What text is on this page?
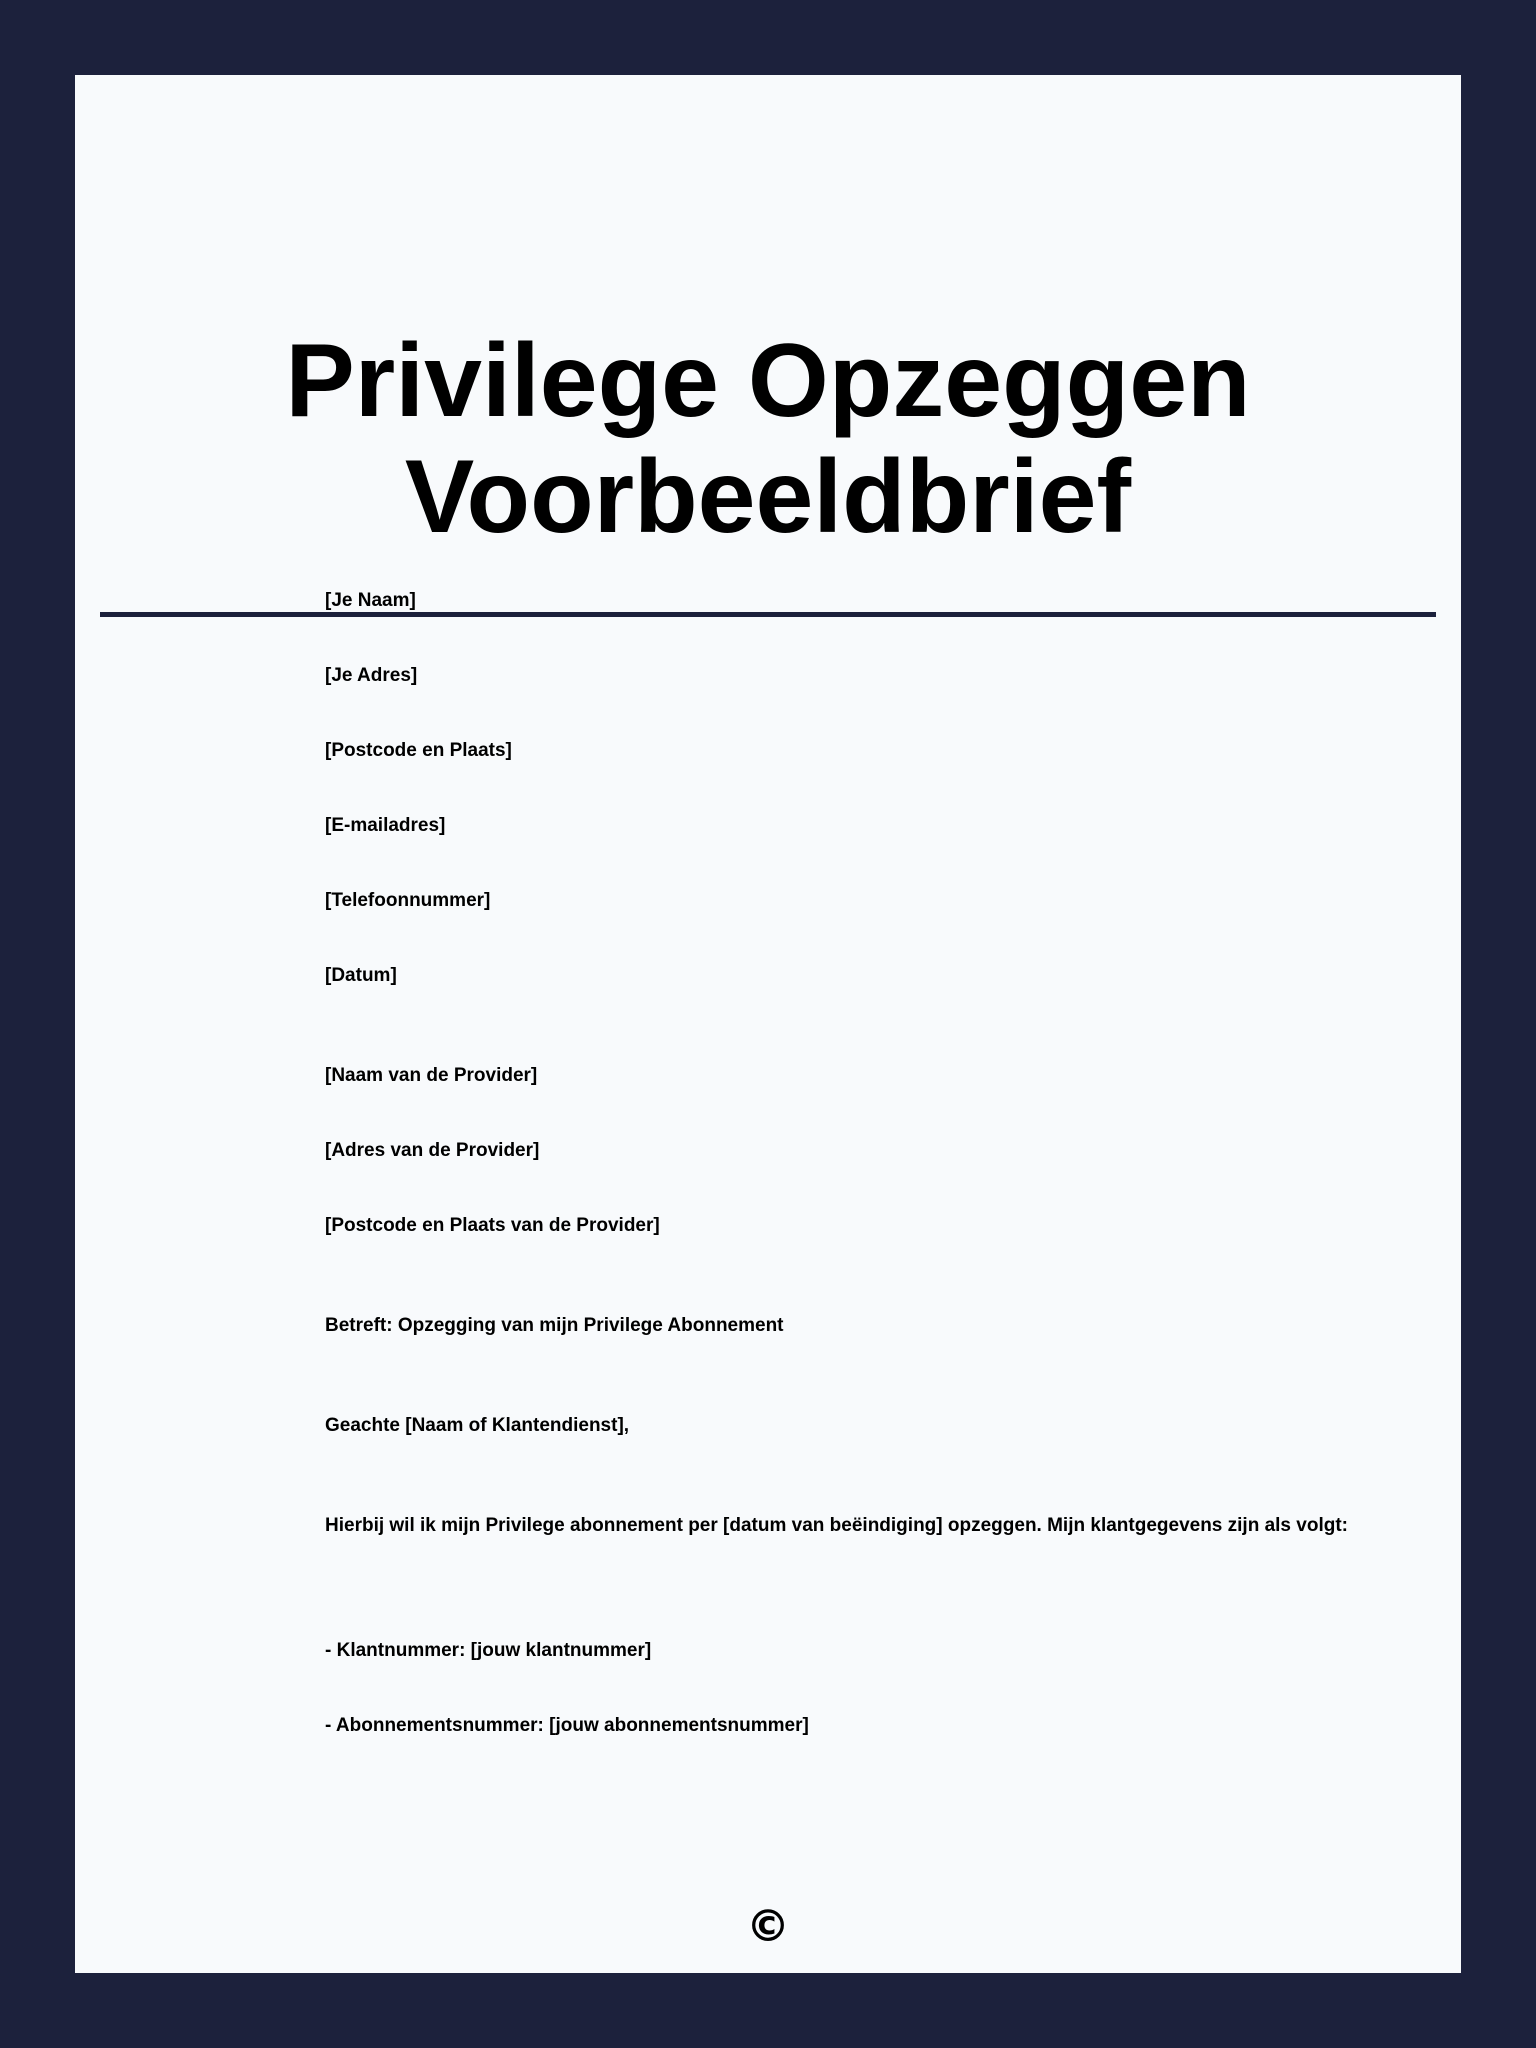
Privilege Opzeggen
Voorbeeldbrief

[Je Naam]

[Je Adres]

[Postcode en Plaats]

[E-mailadres]

[Telefoonnummer]

[Datum]

[Naam van de Provider]

[Adres van de Provider]

[Postcode en Plaats van de Provider]

Betreft: Opzegging van mijn Privilege Abonnement

Geachte [Naam of Klantendienst],

Hierbij wil ik mijn Privilege abonnement per [datum van beëindiging] opzeggen. Mijn klantgegevens zijn als volgt:

- Klantnummer: [jouw klantnummer]

- Abonnementsnummer: [jouw abonnementsnummer]

©
